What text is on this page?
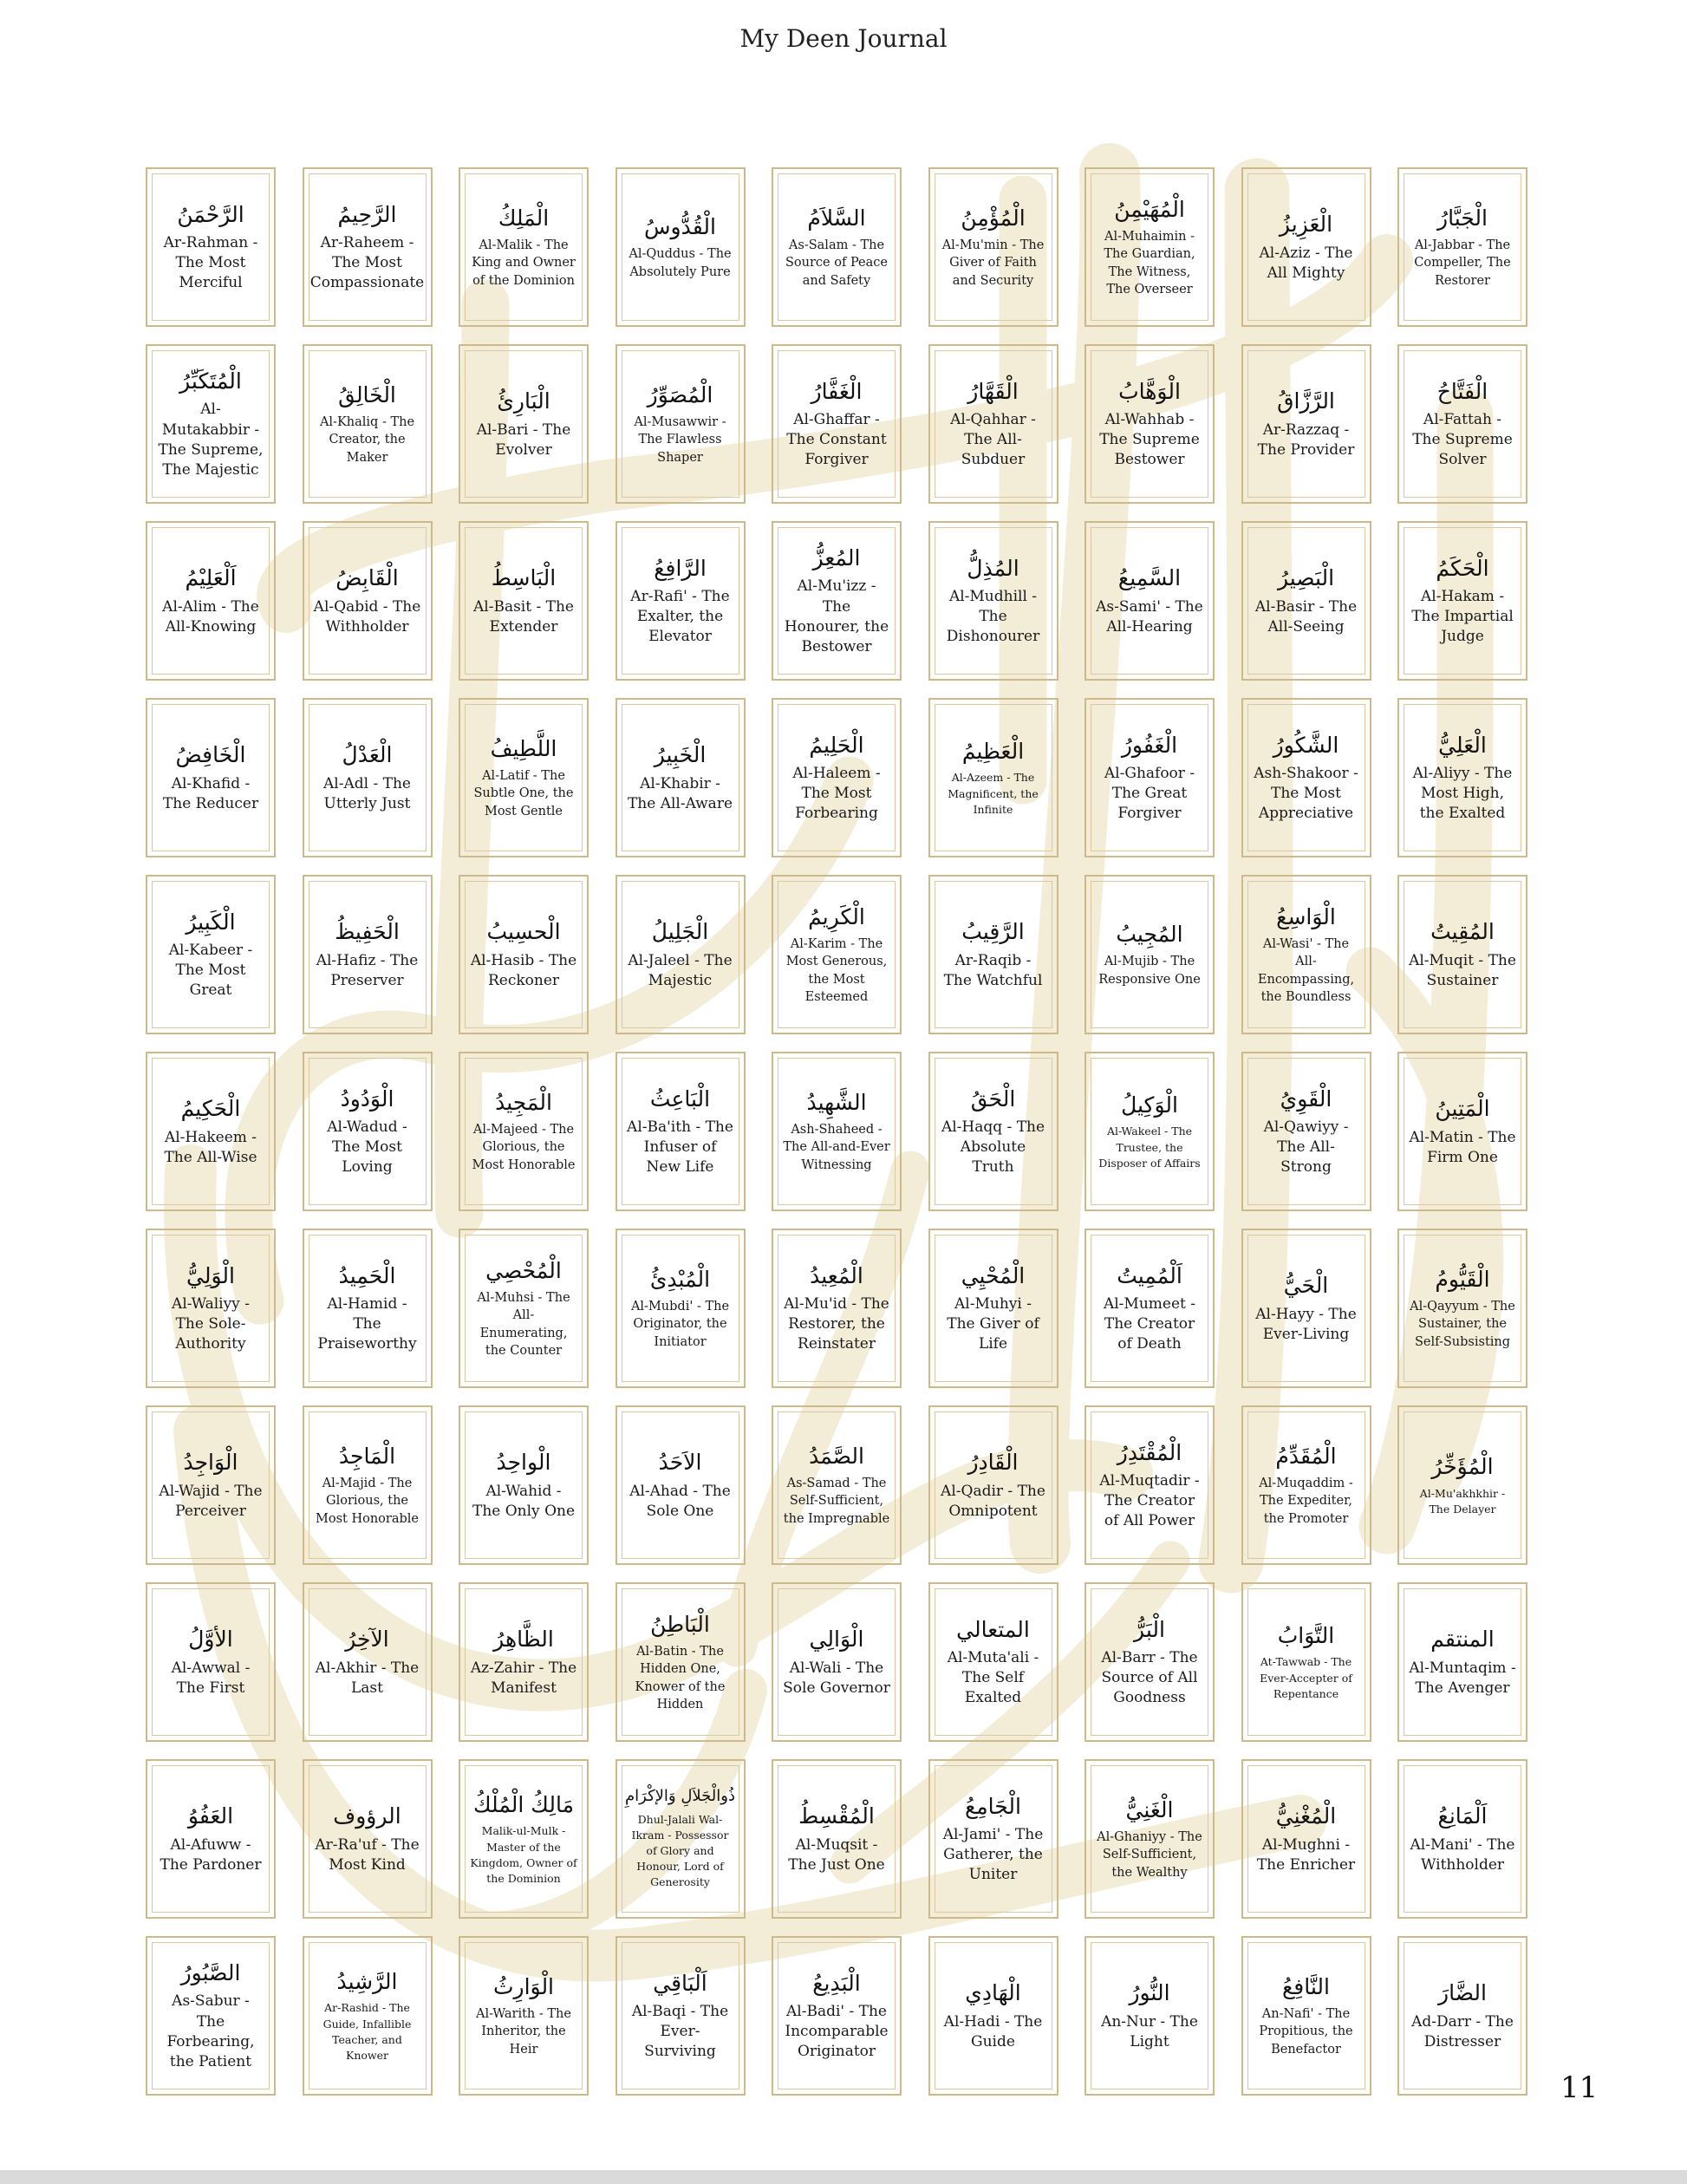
My Deen Journal
الرَّحْمَنُ
Ar-Rahman - The Most Merciful
الرَّحِيمُ
Ar-Raheem - The Most Compassionate
الْمَلِكُ
Al-Malik - The King and Owner of the Dominion
الْقُدُّوسُ
Al-Quddus - The Absolutely Pure
السَّلاَمُ
As-Salam - The Source of Peace and Safety
الْمُؤْمِنُ
Al-Mu'min - The Giver of Faith and Security
الْمُهَيْمِنُ
Al-Muhaimin - The Guardian, The Witness, The Overseer
الْعَزِيزُ
Al-Aziz - The All Mighty
الْجَبَّارُ
Al-Jabbar - The Compeller, The Restorer
الْمُتَكَبِّرُ
Al-Mutakabbir - The Supreme, The Majestic
الْخَالِقُ
Al-Khaliq - The Creator, the Maker
الْبَارِئُ
Al-Bari - The Evolver
الْمُصَوِّرُ
Al-Musawwir - The Flawless Shaper
الْغَفَّارُ
Al-Ghaffar - The Constant Forgiver
الْقَهَّارُ
Al-Qahhar - The All-Subduer
الْوَهَّابُ
Al-Wahhab - The Supreme Bestower
الرَّزَّاقُ
Ar-Razzaq - The Provider
الْفَتَّاحُ
Al-Fattah - The Supreme Solver
اَلْعَلِيْمُ
Al-Alim - The All-Knowing
الْقَابِضُ
Al-Qabid - The Withholder
الْبَاسِطُ
Al-Basit - The Extender
الرَّافِعُ
Ar-Rafi' - The Exalter, the Elevator
المُعِزُّ
Al-Mu'izz - The Honourer, the Bestower
المُذِلُّ
Al-Mudhill - The Dishonourer
السَّمِيعُ
As-Sami' - The All-Hearing
الْبَصِيرُ
Al-Basir - The All-Seeing
الْحَكَمُ
Al-Hakam - The Impartial Judge
الْخَافِضُ
Al-Khafid - The Reducer
الْعَدْلُ
Al-Adl - The Utterly Just
اللَّطِيفُ
Al-Latif - The Subtle One, the Most Gentle
الْخَبِيرُ
Al-Khabir - The All-Aware
الْحَلِيمُ
Al-Haleem - The Most Forbearing
الْعَظِيمُ
Al-Azeem - The Magnificent, the Infinite
الْغَفُورُ
Al-Ghafoor - The Great Forgiver
الشَّكُورُ
Ash-Shakoor - The Most Appreciative
الْعَلِيُّ
Al-Aliyy - The Most High, the Exalted
الْكَبِيرُ
Al-Kabeer - The Most Great
الْحَفِيظُ
Al-Hafiz - The Preserver
الْحسِيبُ
Al-Hasib - The Reckoner
الْجَلِيلُ
Al-Jaleel - The Majestic
الْكَرِيمُ
Al-Karim - The Most Generous, the Most Esteemed
الرَّقِيبُ
Ar-Raqib - The Watchful
المُجِيبُ
Al-Mujib - The Responsive One
الْوَاسِعُ
Al-Wasi' - The All-Encompassing, the Boundless
المُقِيتُ
Al-Muqit - The Sustainer
الْحَكِيمُ
Al-Hakeem - The All-Wise
الْوَدُودُ
Al-Wadud - The Most Loving
الْمَجِيدُ
Al-Majeed - The Glorious, the Most Honorable
الْبَاعِثُ
Al-Ba'ith - The Infuser of New Life
الشَّهِيدُ
Ash-Shaheed - The All-and-Ever Witnessing
الْحَقُ
Al-Haqq - The Absolute Truth
الْوَكِيلُ
Al-Wakeel - The Trustee, the Disposer of Affairs
الْقَوِيُ
Al-Qawiyy - The All-Strong
الْمَتِينُ
Al-Matin - The Firm One
الْوَلِيُّ
Al-Waliyy - The Sole-Authority
الْحَمِيدُ
Al-Hamid - The Praiseworthy
الْمُحْصِي
Al-Muhsi - The All-Enumerating, the Counter
الْمُبْدِئُ
Al-Mubdi' - The Originator, the Initiator
الْمُعِيدُ
Al-Mu'id - The Restorer, the Reinstater
الْمُحْيِي
Al-Muhyi - The Giver of Life
اَلْمُمِيتُ
Al-Mumeet - The Creator of Death
الْحَيُّ
Al-Hayy - The Ever-Living
الْقَيُّومُ
Al-Qayyum - The Sustainer, the Self-Subsisting
الْوَاجِدُ
Al-Wajid - The Perceiver
الْمَاجِدُ
Al-Majid - The Glorious, the Most Honorable
الْواحِدُ
Al-Wahid - The Only One
الاَحَدُ
Al-Ahad - The Sole One
الصَّمَدُ
As-Samad - The Self-Sufficient, the Impregnable
الْقَادِرُ
Al-Qadir - The Omnipotent
الْمُقْتَدِرُ
Al-Muqtadir - The Creator of All Power
الْمُقَدِّمُ
Al-Muqaddim - The Expediter, the Promoter
الْمُؤَخِّرُ
Al-Mu'akhkhir - The Delayer
الأوَّلُ
Al-Awwal - The First
الآخِرُ
Al-Akhir - The Last
الظَّاهِرُ
Az-Zahir - The Manifest
الْبَاطِنُ
Al-Batin - The Hidden One, Knower of the Hidden
الْوَالِي
Al-Wali - The Sole Governor
المتعالي
Al-Muta'ali - The Self Exalted
الْبَرُّ
Al-Barr - The Source of All Goodness
التَّوَابُ
At-Tawwab - The Ever-Accepter of Repentance
المنتقم
Al-Muntaqim - The Avenger
العَفُوُ
Al-Afuww - The Pardoner
الرؤوف
Ar-Ra'uf - The Most Kind
مَالِكُ الْمُلْكُ
Malik-ul-Mulk - Master of the Kingdom, Owner of the Dominion
ذُوالْجَلاَلِ وَالإكْرَامِ
Dhul-Jalali Wal-Ikram - Possessor of Glory and Honour, Lord of Generosity
الْمُقْسِطُ
Al-Muqsit - The Just One
الْجَامِعُ
Al-Jami' - The Gatherer, the Uniter
الْغَنِيُّ
Al-Ghaniyy - The Self-Sufficient, the Wealthy
الْمُغْنِيُّ
Al-Mughni - The Enricher
اَلْمَانِعُ
Al-Mani' - The Withholder
الصَّبُورُ
As-Sabur - The Forbearing, the Patient
الرَّشِيدُ
Ar-Rashid - The Guide, Infallible Teacher, and Knower
الْوَارِثُ
Al-Warith - The Inheritor, the Heir
اَلْبَاقِي
Al-Baqi - The Ever-Surviving
الْبَدِيعُ
Al-Badi' - The Incomparable Originator
الْهَادِي
Al-Hadi - The Guide
النُّورُ
An-Nur - The Light
النَّافِعُ
An-Nafi' - The Propitious, the Benefactor
الضَّارَ
Ad-Darr - The Distresser
11
